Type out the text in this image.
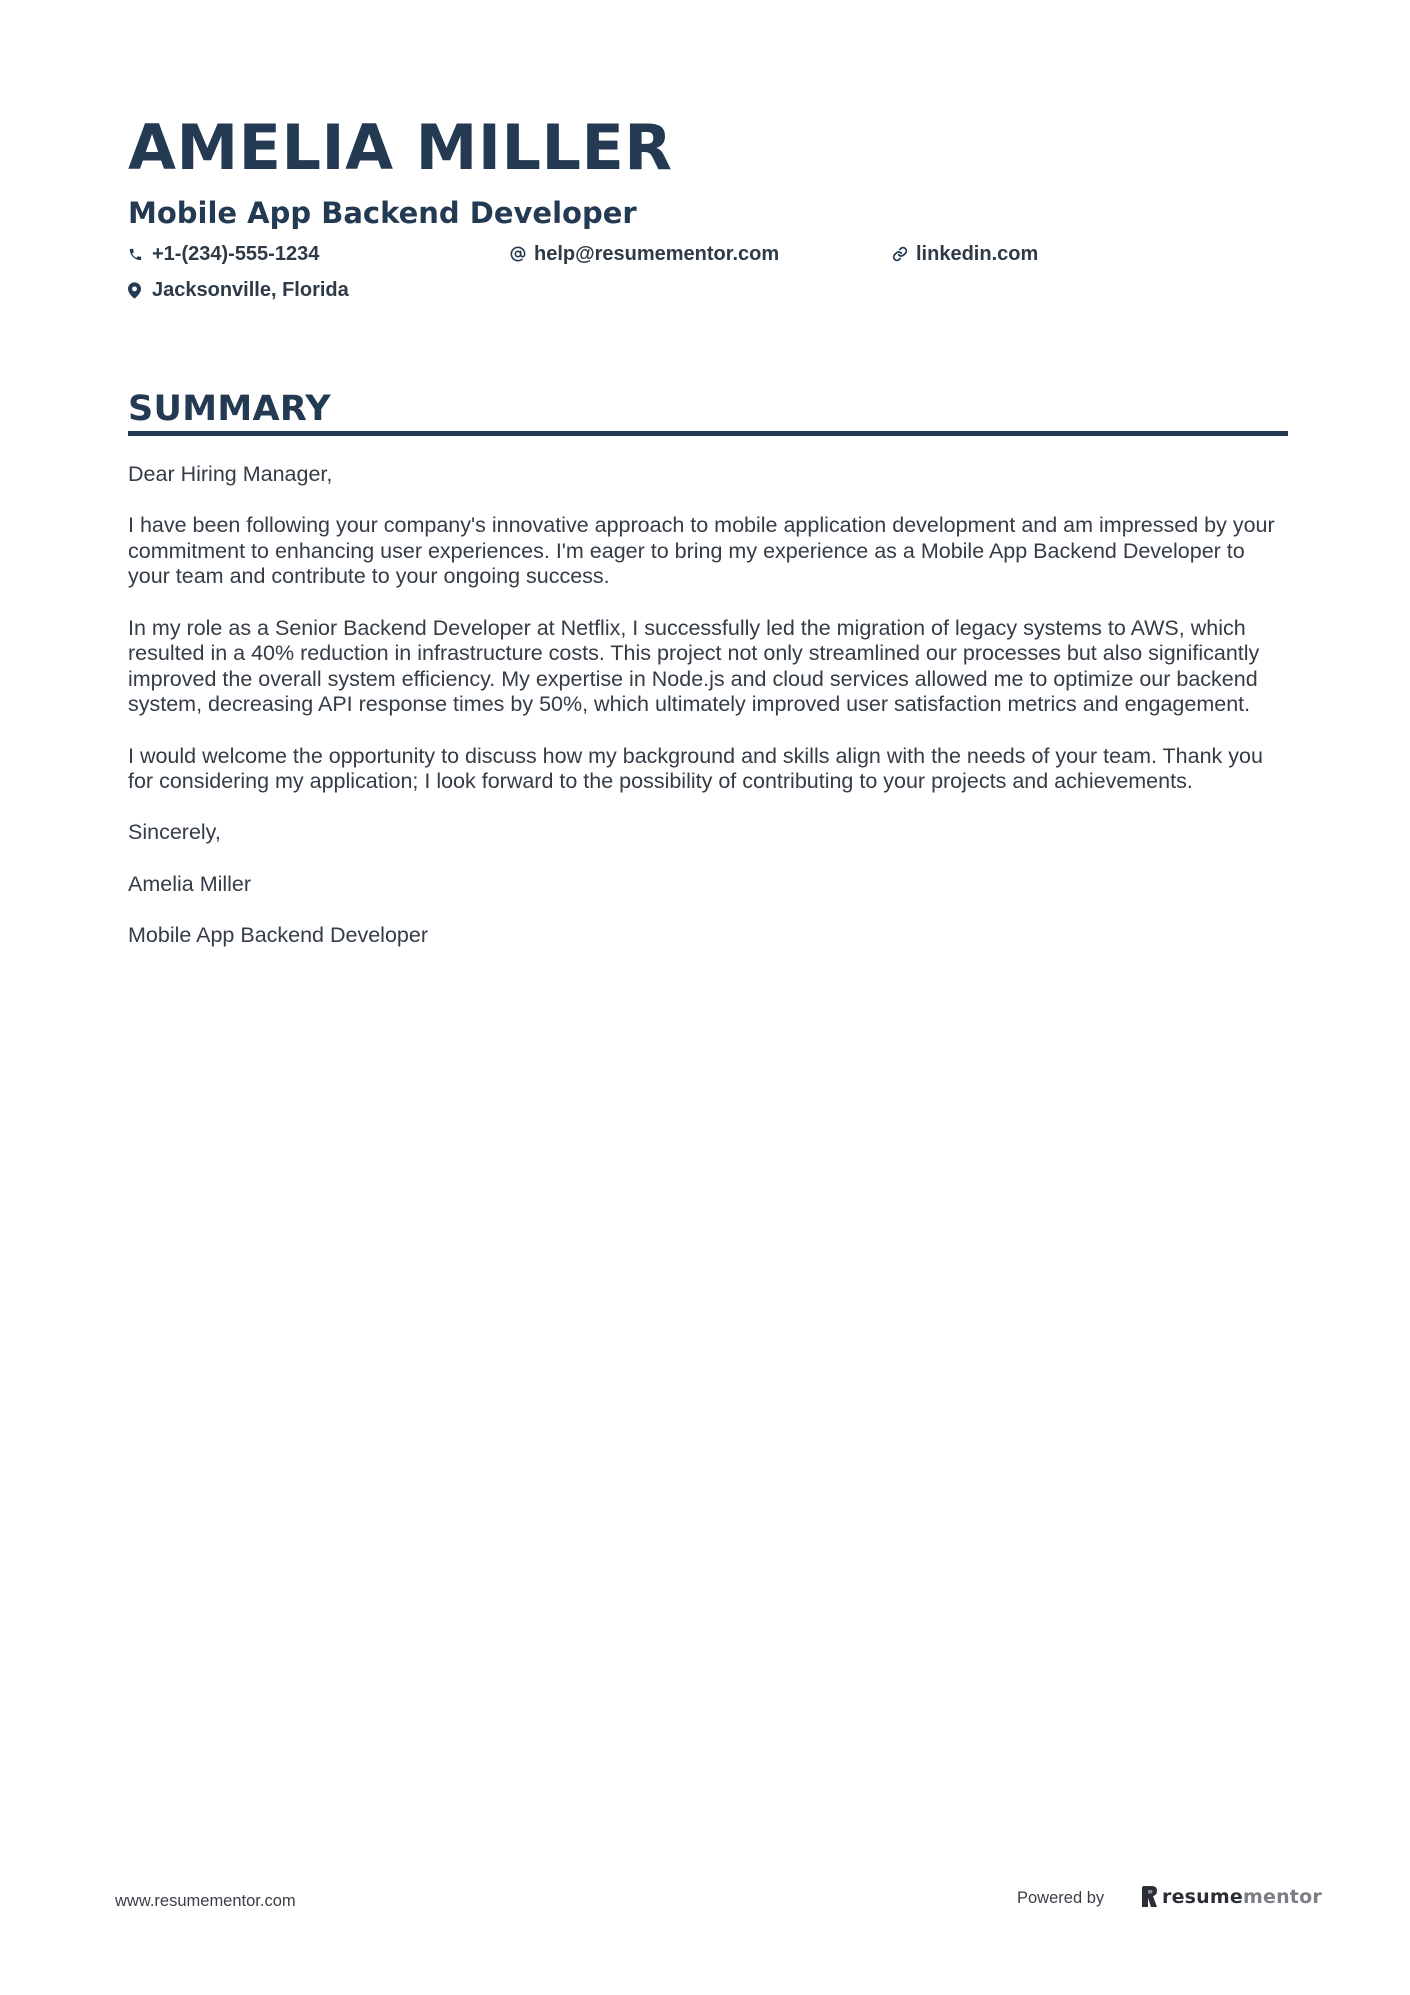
AMELIA MILLER
Mobile App Backend Developer
+1-(234)-555-1234	help@resumementor.com	linkedin.com
Jacksonville, Florida
SUMMARY

Dear Hiring Manager,

I have been following your company's innovative approach to mobile application development and am impressed by your commitment to enhancing user experiences. I'm eager to bring my experience as a Mobile App Backend Developer to your team and contribute to your ongoing success.

In my role as a Senior Backend Developer at Netflix, I successfully led the migration of legacy systems to AWS, which resulted in a 40% reduction in infrastructure costs. This project not only streamlined our processes but also significantly improved the overall system efficiency. My expertise in Node.js and cloud services allowed me to optimize our backend system, decreasing API response times by 50%, which ultimately improved user satisfaction metrics and engagement.

I would welcome the opportunity to discuss how my background and skills align with the needs of your team. Thank you for considering my application; I look forward to the possibility of contributing to your projects and achievements.

Sincerely,

Amelia Miller

Mobile App Backend Developer

www.resumementor.com	Powered by	resumementor
